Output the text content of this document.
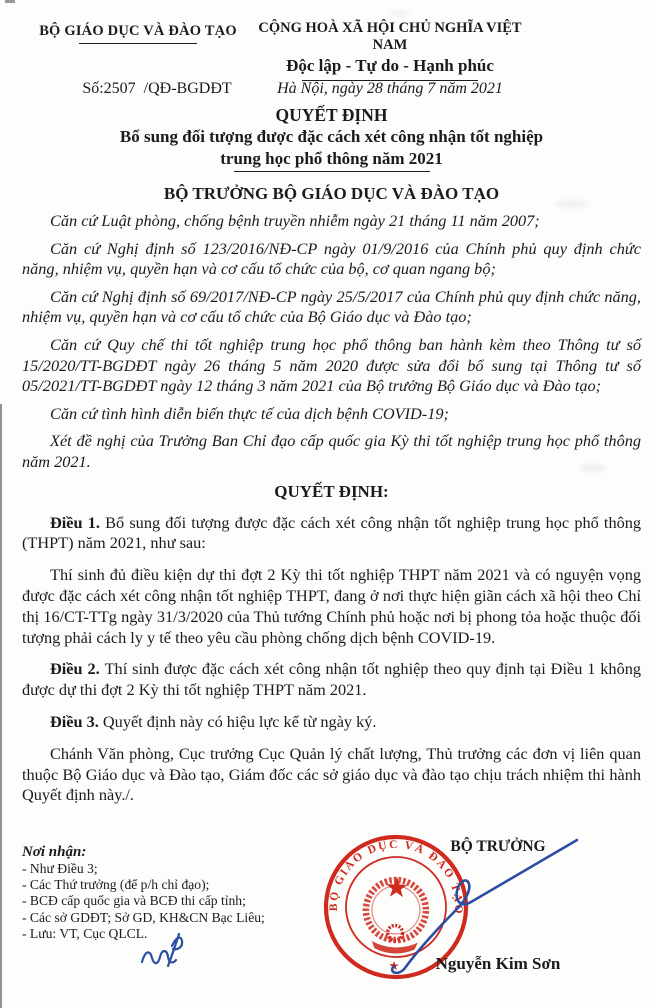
BỘ GIÁO DỤC VÀ ĐÀO TẠO	CỘNG HOÀ XÃ HỘI CHỦ NGHĨA VIỆT NAM
Độc lập - Tự do - Hạnh phúc
Số:2507  /QĐ-BGDĐT	Hà Nội, ngày 28 tháng 7 năm 2021
QUYẾT ĐỊNH
Bổ sung đối tượng được đặc cách xét công nhận tốt nghiệp
trung học phổ thông năm 2021
BỘ TRƯỞNG BỘ GIÁO DỤC VÀ ĐÀO TẠO

Căn cứ Luật phòng, chống bệnh truyền nhiễm ngày 21 tháng 11 năm 2007;

Căn cứ Nghị định số 123/2016/NĐ-CP ngày 01/9/2016 của Chính phủ quy định chức năng, nhiệm vụ, quyền hạn và cơ cấu tổ chức của bộ, cơ quan ngang bộ;

Căn cứ Nghị định số 69/2017/NĐ-CP ngày 25/5/2017 của Chính phủ quy định chức năng, nhiệm vụ, quyền hạn và cơ cấu tổ chức của Bộ Giáo dục và Đào tạo;

Căn cứ Quy chế thi tốt nghiệp trung học phổ thông ban hành kèm theo Thông tư số 15/2020/TT-BGDĐT ngày 26 tháng 5 năm 2020 được sửa đổi bổ sung tại Thông tư số 05/2021/TT-BGDĐT ngày 12 tháng 3 năm 2021 của Bộ trưởng Bộ Giáo dục và Đào tạo;

Căn cứ tình hình diễn biến thực tế của dịch bệnh COVID-19;

Xét đề nghị của Trưởng Ban Chỉ đạo cấp quốc gia Kỳ thi tốt nghiệp trung học phổ thông năm 2021.

QUYẾT ĐỊNH:

Điều 1. Bổ sung đối tượng được đặc cách xét công nhận tốt nghiệp trung học phổ thông (THPT) năm 2021, như sau:

Thí sinh đủ điều kiện dự thi đợt 2 Kỳ thi tốt nghiệp THPT năm 2021 và có nguyện vọng được đặc cách xét công nhận tốt nghiệp THPT, đang ở nơi thực hiện giãn cách xã hội theo Chỉ thị 16/CT-TTg ngày 31/3/2020 của Thủ tướng Chính phủ hoặc nơi bị phong tỏa hoặc thuộc đối tượng phải cách ly y tế theo yêu cầu phòng chống dịch bệnh COVID-19.

Điều 2. Thí sinh được đặc cách xét công nhận tốt nghiệp theo quy định tại Điều 1 không được dự thi đợt 2 Kỳ thi tốt nghiệp THPT năm 2021.

Điều 3. Quyết định này có hiệu lực kể từ ngày ký.

Chánh Văn phòng, Cục trưởng Cục Quản lý chất lượng, Thủ trưởng các đơn vị liên quan thuộc Bộ Giáo dục và Đào tạo, Giám đốc các sở giáo dục và đào tạo chịu trách nhiệm thi hành Quyết định này./.

Nơi nhận:
- Như Điều 3;
- Các Thứ trưởng (để p/h chỉ đạo);
- BCĐ cấp quốc gia và BCĐ thi cấp tỉnh;
- Các sở GDĐT; Sở GD, KH&CN Bạc Liêu;
- Lưu: VT, Cục QLCL.
BỘ TRƯỞNG
BỘ GIÁO DỤC VÀ ĐÀO TẠO
Nguyễn Kim Sơn
